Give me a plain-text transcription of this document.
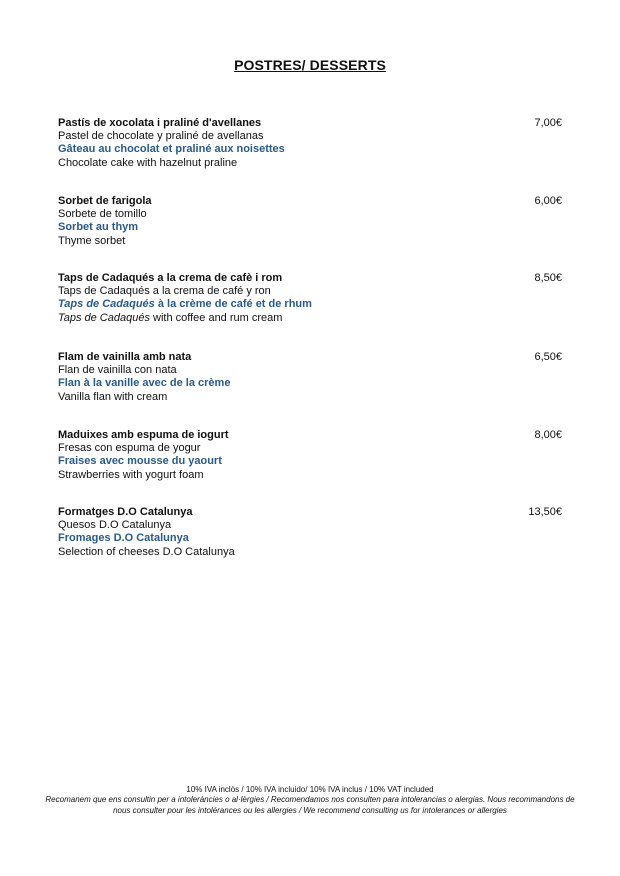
POSTRES/ DESSERTS
Pastís de xocolata i praliné d'avellanes
Pastel de chocolate y praliné de avellanas
Gâteau au chocolat et praliné aux noisettes
Chocolate cake with hazelnut praline
7,00€
Sorbet de farigola
Sorbete de tomillo
Sorbet au thym
Thyme sorbet
6,00€
Taps de Cadaqués a la crema de cafè i rom
Taps de Cadaqués a la crema de café y ron
Taps de Cadaqués à la crème de café et de rhum
Taps de Cadaqués with coffee and rum cream
8,50€
Flam de vainilla amb nata
Flan de vainilla con nata
Flan à la vanille avec de la crème
Vanilla flan with cream
6,50€
Maduixes amb espuma de iogurt
Fresas con espuma de yogur
Fraises avec mousse du yaourt
Strawberries with yogurt foam
8,00€
Formatges D.O Catalunya
Quesos D.O Catalunya
Fromages D.O Catalunya
Selection of cheeses D.O Catalunya
13,50€
10% IVA inclòs / 10% IVA incluido/ 10% IVA inclus / 10% VAT included
Recomanem que ens consultin per a intoleràncies o al·lèrgies / Recomendamos nos consulten para intolerancias o alergias. Nous recommandons de nous consulter pour les intolérances ou les allergies / We recommend consulting us for intolerances or allergies
